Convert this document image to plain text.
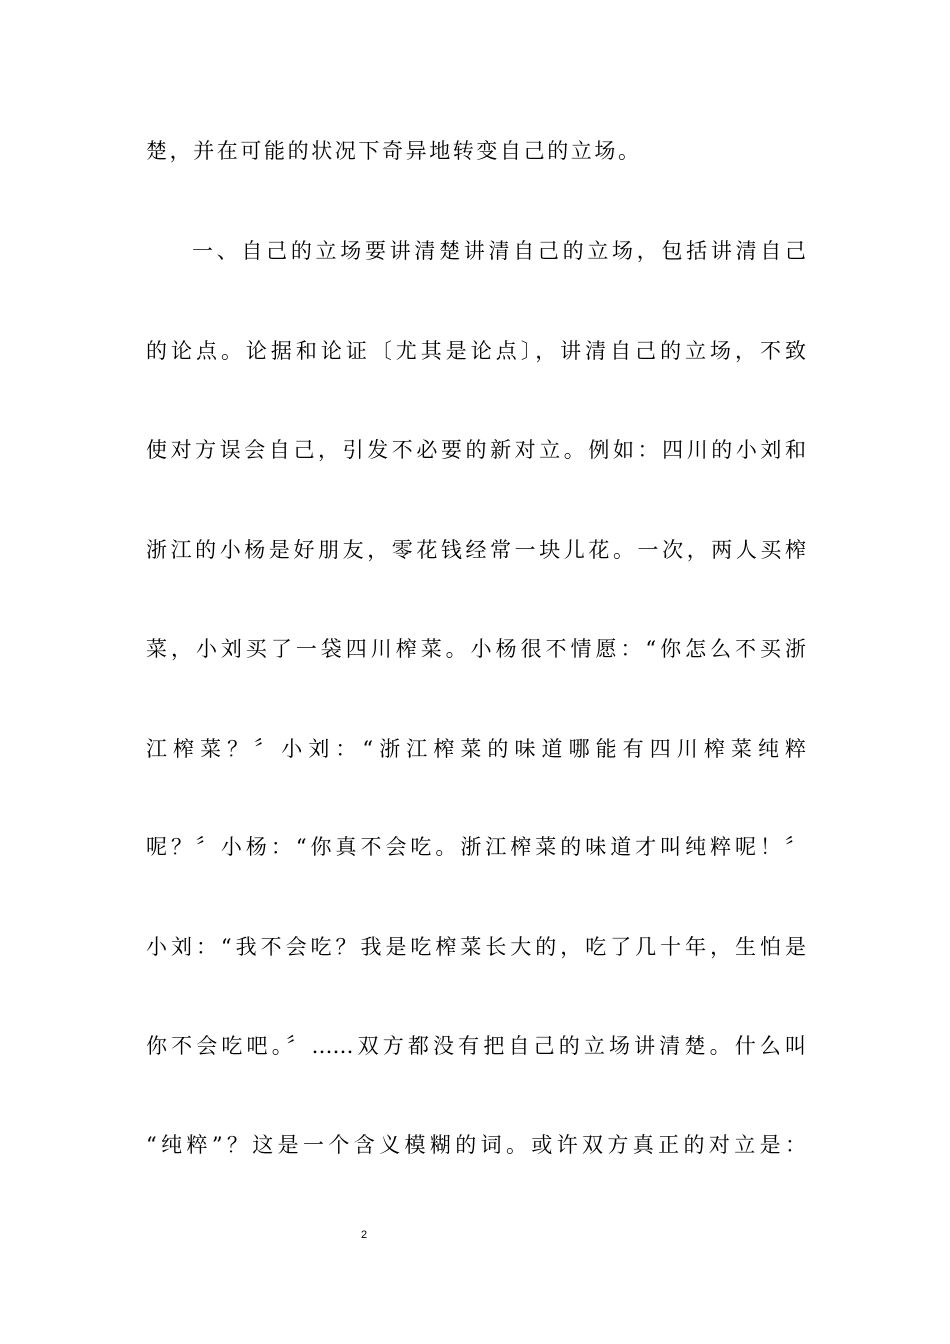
楚，并在可能的状况下奇异地转变自己的立场。
一、自己的立场要讲清楚讲清自己的立场，包括讲清自己
的论点。论据和论证〔尤其是论点〕，讲清自己的立场，不致
使对方误会自己，引发不必要的新对立。例如：四川的小刘和
浙江的小杨是好朋友，零花钱经常一块儿花。一次，两人买榨
菜，小刘买了一袋四川榨菜。小杨很不情愿：“你怎么不买浙
江榨菜？〞小刘：“浙江榨菜的味道哪能有四川榨菜纯粹
呢？〞小杨：“你真不会吃。浙江榨菜的味道才叫纯粹呢！〞
小刘：“我不会吃？我是吃榨菜长大的，吃了几十年，生怕是
你不会吃吧。〞……双方都没有把自己的立场讲清楚。什么叫
“纯粹”？这是一个含义模糊的词。或许双方真正的对立是：
2
